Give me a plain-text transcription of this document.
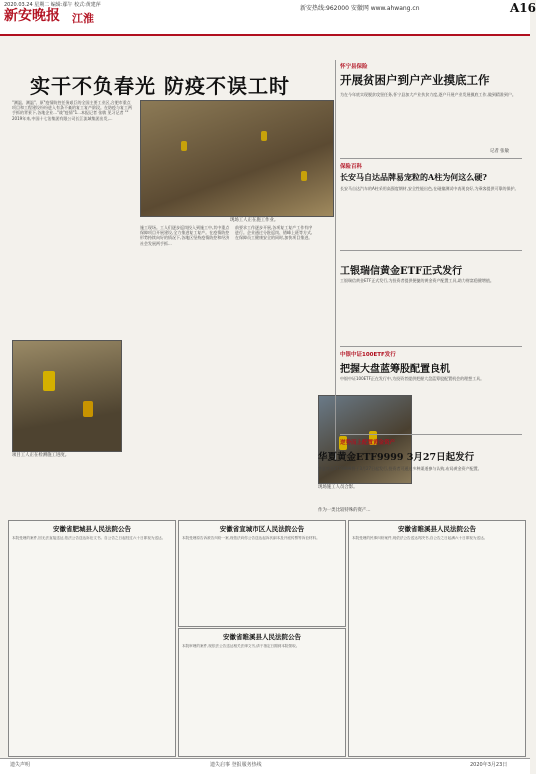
2020.03.24 星期二 编辑:鄢午 校式:黄建萍
新安晚报 江淮
新安热线:962000 安徽网 www.ahwang.cn	A16
实干不负春光 防疫不误工时
"测温、测温"、原"疫情防控任务艰巨的全国主要工业区,合肥市重点项目和工程建设纷纷进入有条不紊的复工复产阶段。在防疫与复工两手抓的背景下,各地企业..."战"疫情"1...本报记者 张敏 见习记者 "" 2019年来,中国十七治集团有限公司长江流域集团出发,...
现场工人正在施工作业。
施工现场。工人们逐步返岗投入到施工中,其中重点保障项目开展建设,全力推进复工复产。在疫情防控形势持续向好的情况下,各地区坚持疫情防控和经济社会发展两手抓...
前要求工作逐步开展,各项复工复产工作有序进行。企业通过分批返岗、错峰上班等方式,在保障员工健康安全的同时,加快项目推进。
项目工人正在检测施工进度。
现场施工人员合影。
怀宁县保险
开展贫困户到户产业摸底工作
为在今年底实现脱贫攻坚任务,怀宁县加大产业扶贫力度,逐户开展产业发展摸底工作,做到精准到户。
记者 张敏
保险百科
长安马自达品牌易宠粒的A柱为何这么硬?
长安马自达汽车的A柱采用高强度钢材,安全性能出色,在碰撞测试中表现良好,为乘客提供可靠的保护。
工银瑞信黄金ETF正式发行
工银瑞信黄金ETF正式发行,为投资者提供便捷的黄金资产配置工具,助力财富稳健增值。
中银中证100ETF发行
把握大盘蓝筹股配置良机
中银中证100ETF正在发行中,为投资者提供把握大盘蓝筹股配置机会的理想工具。
逆势而上配置黄金资产
华夏黄金ETF9999 3月27日起发行
华夏黄金ETF9999将于3月27日起发行,投资者可通过多种渠道参与认购,布局黄金资产配置。
作为一类比较特殊的资产...
安徽省肥城县人民法院公告
本院受理的案件,因无法直接送达,依法公告送达诉讼文书。自公告之日起经过六十日即视为送达。
安徽省宣城市区人民法院公告
本院受理原告诉被告纠纷一案,现依法向你公告送达起诉状副本及开庭传票等诉讼材料。
安徽省睢溪县人民法院公告
本院审理的案件,现依法公告送达相关法律文书,请于指定日期到本院领取。
安徽省睢溪县人民法院公告
本院受理的民事纠纷案件,现依法公告送达判决书,自公告之日起满六十日即视为送达。
遗失声明	遗失启事 登报服务热线	2020年3月23日
